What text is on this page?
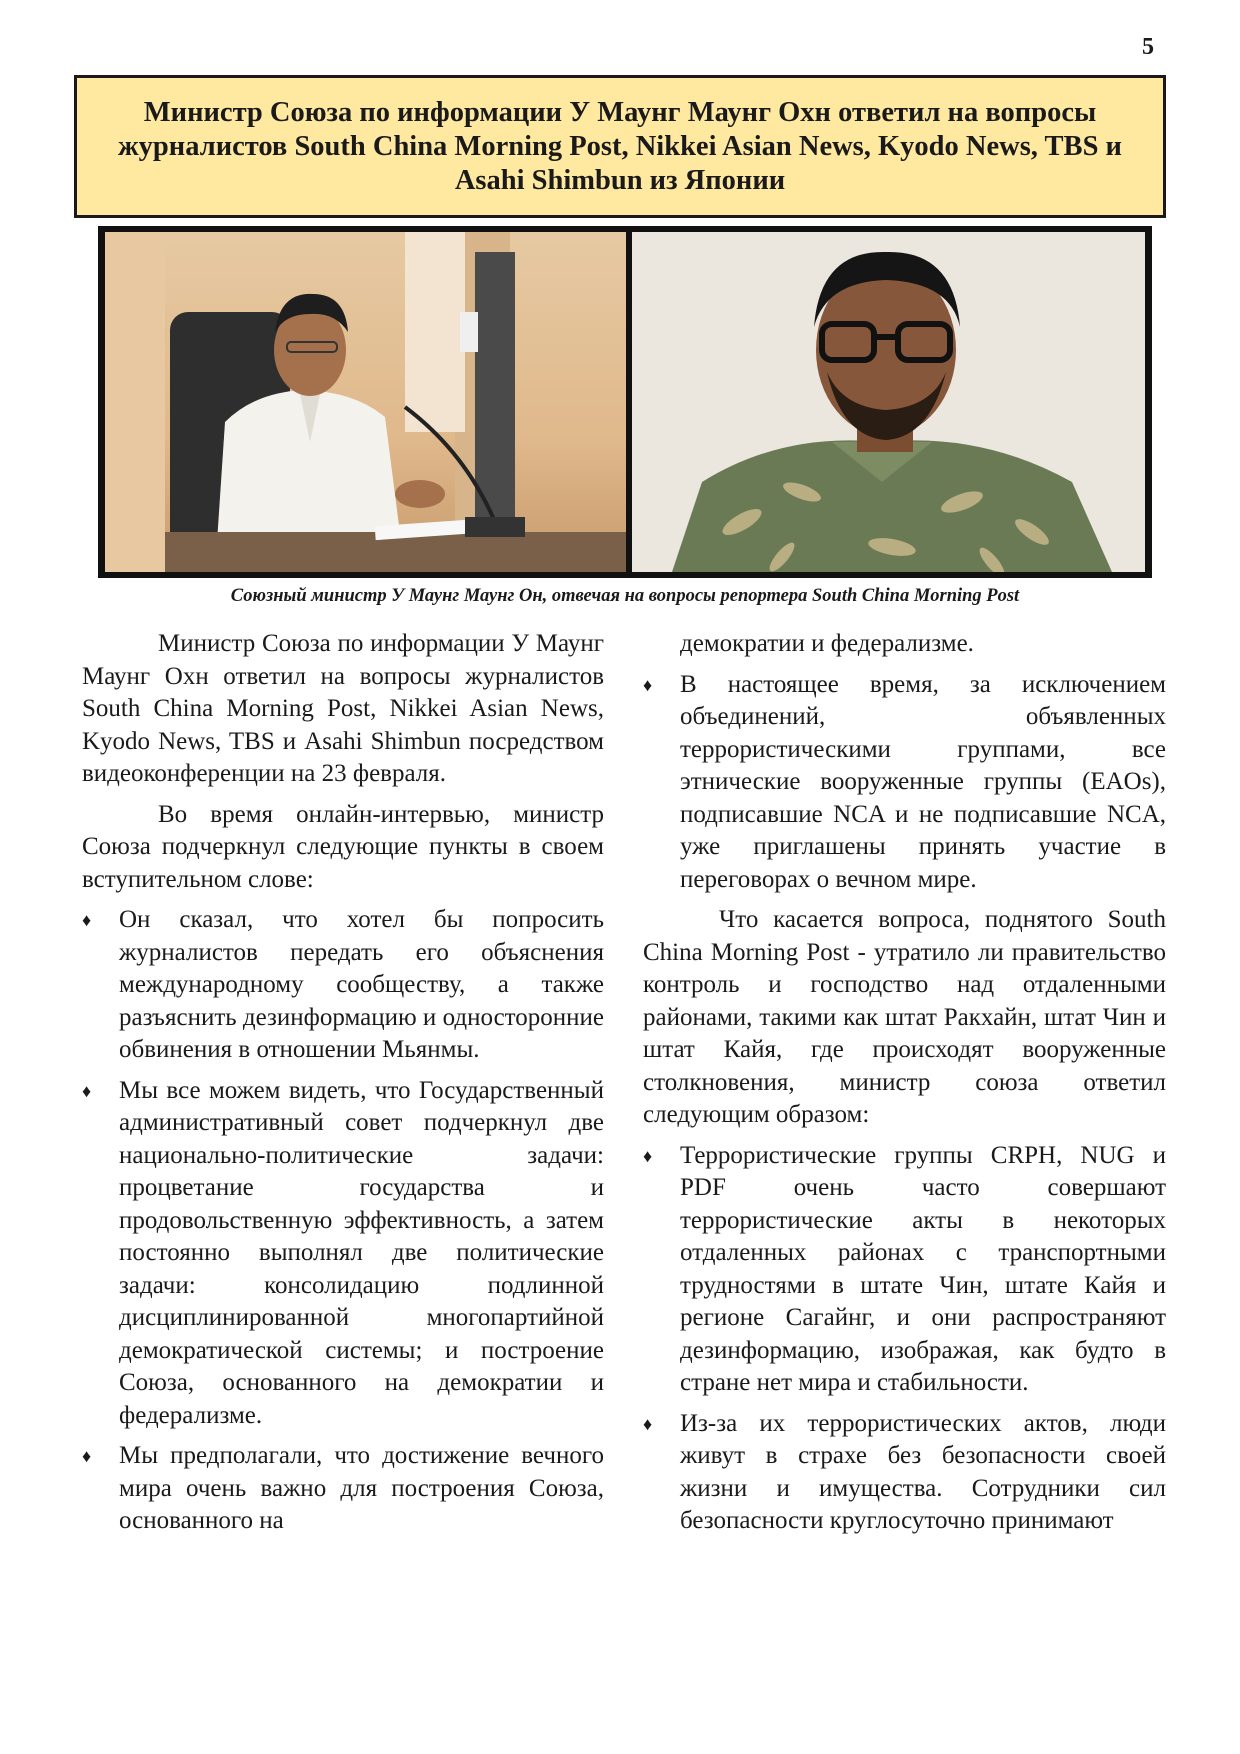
5
Министр Союза по информации У Маунг Маунг Охн ответил на вопросы журналистов South China Morning Post, Nikkei Asian News, Kyodo News, TBS и Asahi Shimbun из Японии
Союзный министр У Маунг Маунг Он, отвечая на вопросы репортера South China Morning Post

Министр Союза по информации У Маунг Маунг Охн ответил на вопросы журналистов South China Morning Post, Nikkei Asian News, Kyodo News, TBS и Asahi Shimbun посредством видеоконференции на 23 февраля.

Во время онлайн-интервью, министр Союза подчеркнул следующие пункты в своем вступительном слове:

♦ Он сказал, что хотел бы попросить журналистов передать его объяснения международному сообществу, а также разъяснить дезинформацию и односторонние обвинения в отношении Мьянмы.
♦ Мы все можем видеть, что Государственный административный совет подчеркнул две национально-политические задачи: процветание государства и продовольственную эффективность, а затем постоянно выполнял две политические задачи: консолидацию подлинной дисциплинированной многопартийной демократической системы; и построение Союза, основанного на демократии и федерализме.
♦ Мы предполагали, что достижение вечного мира очень важно для построения Союза, основанного на

демократии и федерализме.

♦ В настоящее время, за исключением объединений, объявленных террористическими группами, все этнические вооруженные группы (EAOs), подписавшие NCA и не подписавшие NCA, уже приглашены принять участие в переговорах о вечном мире.

Что касается вопроса, поднятого South China Morning Post - утратило ли правительство контроль и господство над отдаленными районами, такими как штат Ракхайн, штат Чин и штат Кайя, где происходят вооруженные столкновения, министр союза ответил следующим образом:

♦ Террористические группы CRPH, NUG и PDF очень часто совершают террористические акты в некоторых отдаленных районах с транспортными трудностями в штате Чин, штате Кайя и регионе Сагайнг, и они распространяют дезинформацию, изображая, как будто в стране нет мира и стабильности.
♦ Из-за их террористических актов, люди живут в страхе без безопасности своей жизни и имущества. Сотрудники сил безопасности круглосуточно принимают
